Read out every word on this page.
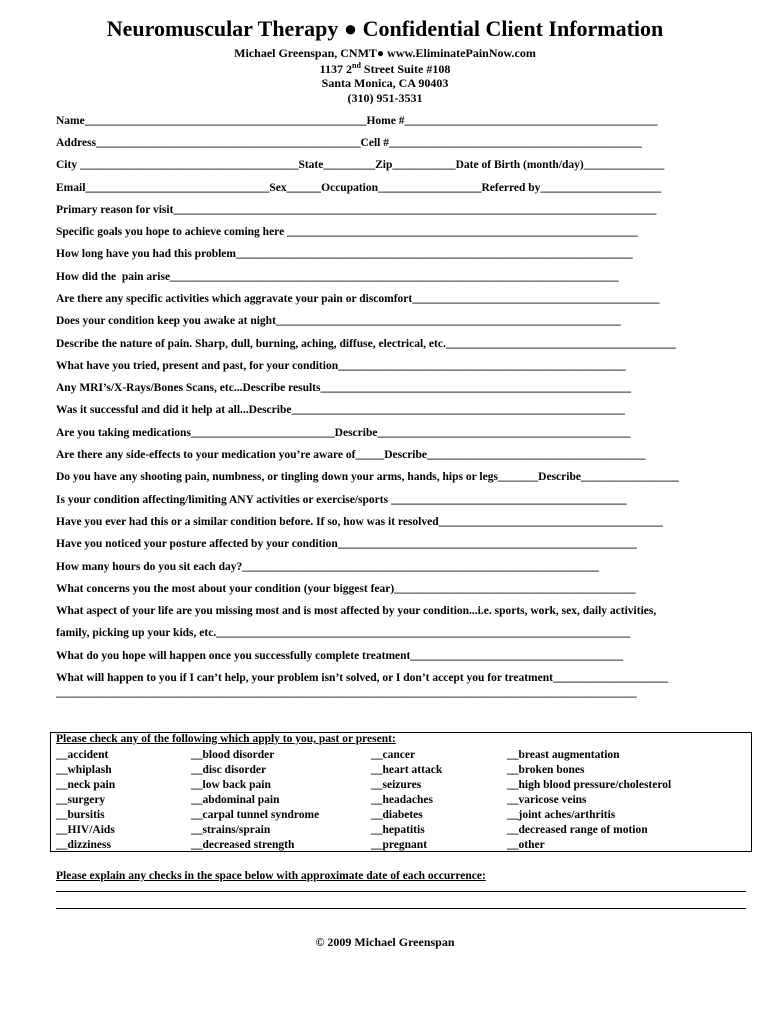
Neuromuscular Therapy ● Confidential Client Information
Michael Greenspan, CNMT● www.EliminatePainNow.com
1137 2nd Street Suite #108
Santa Monica, CA 90403
(310) 951-3531
Name_________________________________________________Home #____________________________________________
Address______________________________________________Cell #____________________________________________
City ______________________________________State_________Zip___________Date of Birth (month/day)______________
Email________________________________Sex______Occupation__________________Referred by_____________________
Primary reason for visit____________________________________________________________________________________
Specific goals you hope to achieve coming here _____________________________________________________________
How long have you had this problem_____________________________________________________________________
How did the  pain arise______________________________________________________________________________
Are there any specific activities which aggravate your pain or discomfort___________________________________________
Does your condition keep you awake at night____________________________________________________________
Describe the nature of pain. Sharp, dull, burning, aching, diffuse, electrical, etc.________________________________________
What have you tried, present and past, for your condition__________________________________________________
Any MRI’s/X-Rays/Bones Scans, etc...Describe results______________________________________________________
Was it successful and did it help at all...Describe__________________________________________________________
Are you taking medications_________________________Describe____________________________________________
Are there any side-effects to your medication you’re aware of_____Describe______________________________________
Do you have any shooting pain, numbness, or tingling down your arms, hands, hips or legs_______Describe_________________
Is your condition affecting/limiting ANY activities or exercise/sports _________________________________________
Have you ever had this or a similar condition before. If so, how was it resolved_______________________________________
Have you noticed your posture affected by your condition____________________________________________________
How many hours do you sit each day?______________________________________________________________
What concerns you the most about your condition (your biggest fear)__________________________________________
What aspect of your life are you missing most and is most affected by your condition...i.e. sports, work, sex, daily activities,
family, picking up your kids, etc.________________________________________________________________________
What do you hope will happen once you successfully complete treatment_____________________________________
What will happen to you if I can’t help, your problem isn’t solved, or I don’t accept you for treatment____________________
_____________________________________________________________________________________________________
Please check any of the following which apply to you, past or present:
__accident
__whiplash
__neck pain
__surgery
__bursitis
__HIV/Aids
__dizziness
__blood disorder
__disc disorder
__low back pain
__abdominal pain
__carpal tunnel syndrome
__strains/sprain
__decreased strength
__cancer
__heart attack
__seizures
__headaches
__diabetes
__hepatitis
__pregnant
__breast augmentation
__broken bones
__high blood pressure/cholesterol
__varicose veins
__joint aches/arthritis
__decreased range of motion
__other
Please explain any checks in the space below with approximate date of each occurrence:
© 2009 Michael Greenspan
